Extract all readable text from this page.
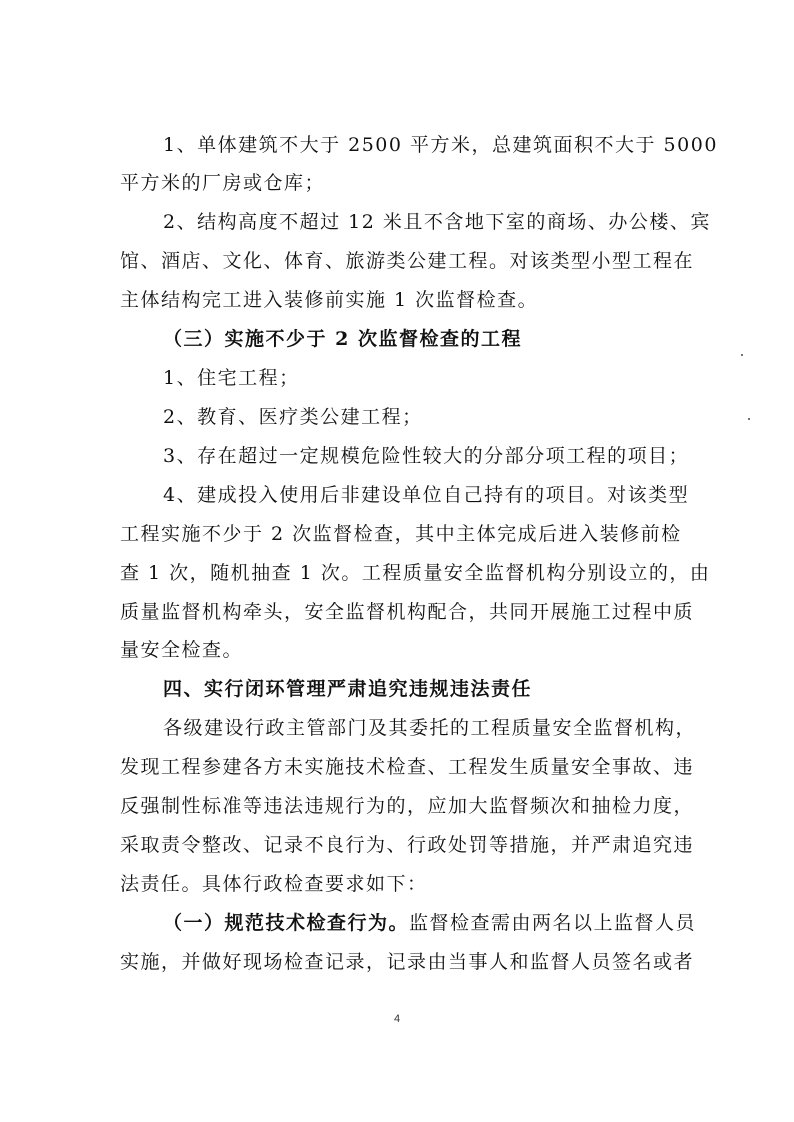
1、单体建筑不大于 2500 平方米，总建筑面积不大于 5000
平方米的厂房或仓库；
2、结构高度不超过 12 米且不含地下室的商场、办公楼、宾
馆、酒店、文化、体育、旅游类公建工程。对该类型小型工程在
主体结构完工进入装修前实施 1 次监督检查。
（三）实施不少于 2 次监督检查的工程
1、住宅工程；
2、教育、医疗类公建工程；
3、存在超过一定规模危险性较大的分部分项工程的项目；
4、建成投入使用后非建设单位自己持有的项目。对该类型
工程实施不少于 2 次监督检查，其中主体完成后进入装修前检
查 1 次，随机抽查 1 次。工程质量安全监督机构分别设立的，由
质量监督机构牵头，安全监督机构配合，共同开展施工过程中质
量安全检查。
四、实行闭环管理严肃追究违规违法责任
各级建设行政主管部门及其委托的工程质量安全监督机构，
发现工程参建各方未实施技术检查、工程发生质量安全事故、违
反强制性标准等违法违规行为的，应加大监督频次和抽检力度，
采取责令整改、记录不良行为、行政处罚等措施，并严肃追究违
法责任。具体行政检查要求如下：
（一）规范技术检查行为。监督检查需由两名以上监督人员
实施，并做好现场检查记录，记录由当事人和监督人员签名或者
4
